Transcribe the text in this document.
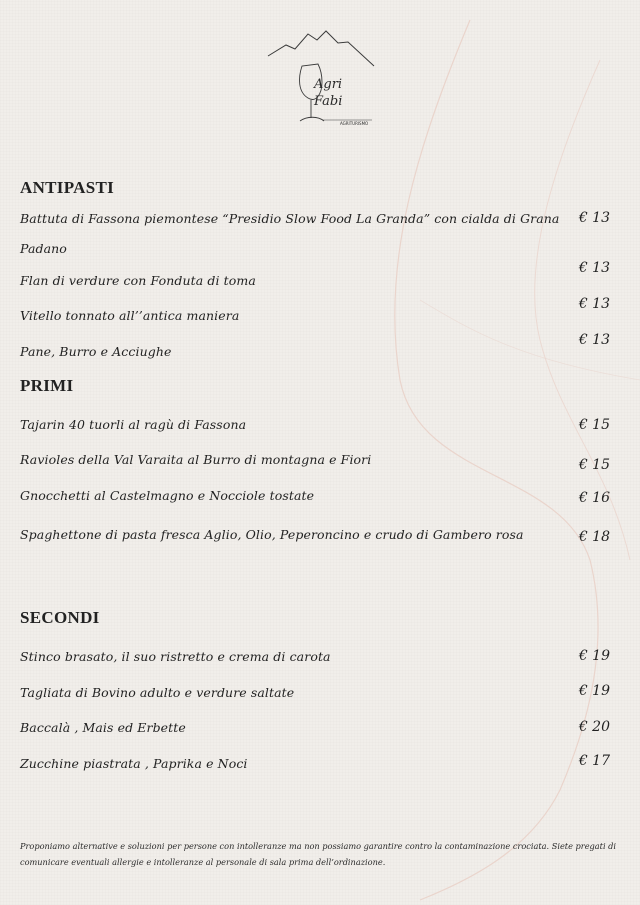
Agri
Fabi
AGRITURISMO
ANTIPASTI
Battuta di Fassona piemontese “Presidio Slow Food La Granda” con cialda di Grana Padano
€ 13
Flan di verdure con Fonduta di toma
€ 13
Vitello tonnato all’’antica maniera
€ 13
Pane, Burro e Acciughe
€ 13
PRIMI
Tajarin 40 tuorli al ragù di Fassona	€ 15
Ravioles della Val Varaita al Burro di montagna e Fiori	€ 15
Gnocchetti al Castelmagno e Nocciole tostate	€ 16
Spaghettone di pasta fresca Aglio, Olio, Peperoncino e crudo di Gambero rosa	€ 18
SECONDI
Stinco brasato, il suo ristretto e crema di carota	€ 19
Tagliata di Bovino adulto e verdure saltate	€ 19
Baccalà , Mais ed Erbette	€ 20
Zucchine piastrata , Paprika e Noci	€ 17
Proponiamo alternative e soluzioni per persone con intolleranze ma non possiamo garantire contro la contaminazione crociata. Siete pregati di comunicare eventuali allergie e intolleranze al personale di sala prima dell’ordinazione.
